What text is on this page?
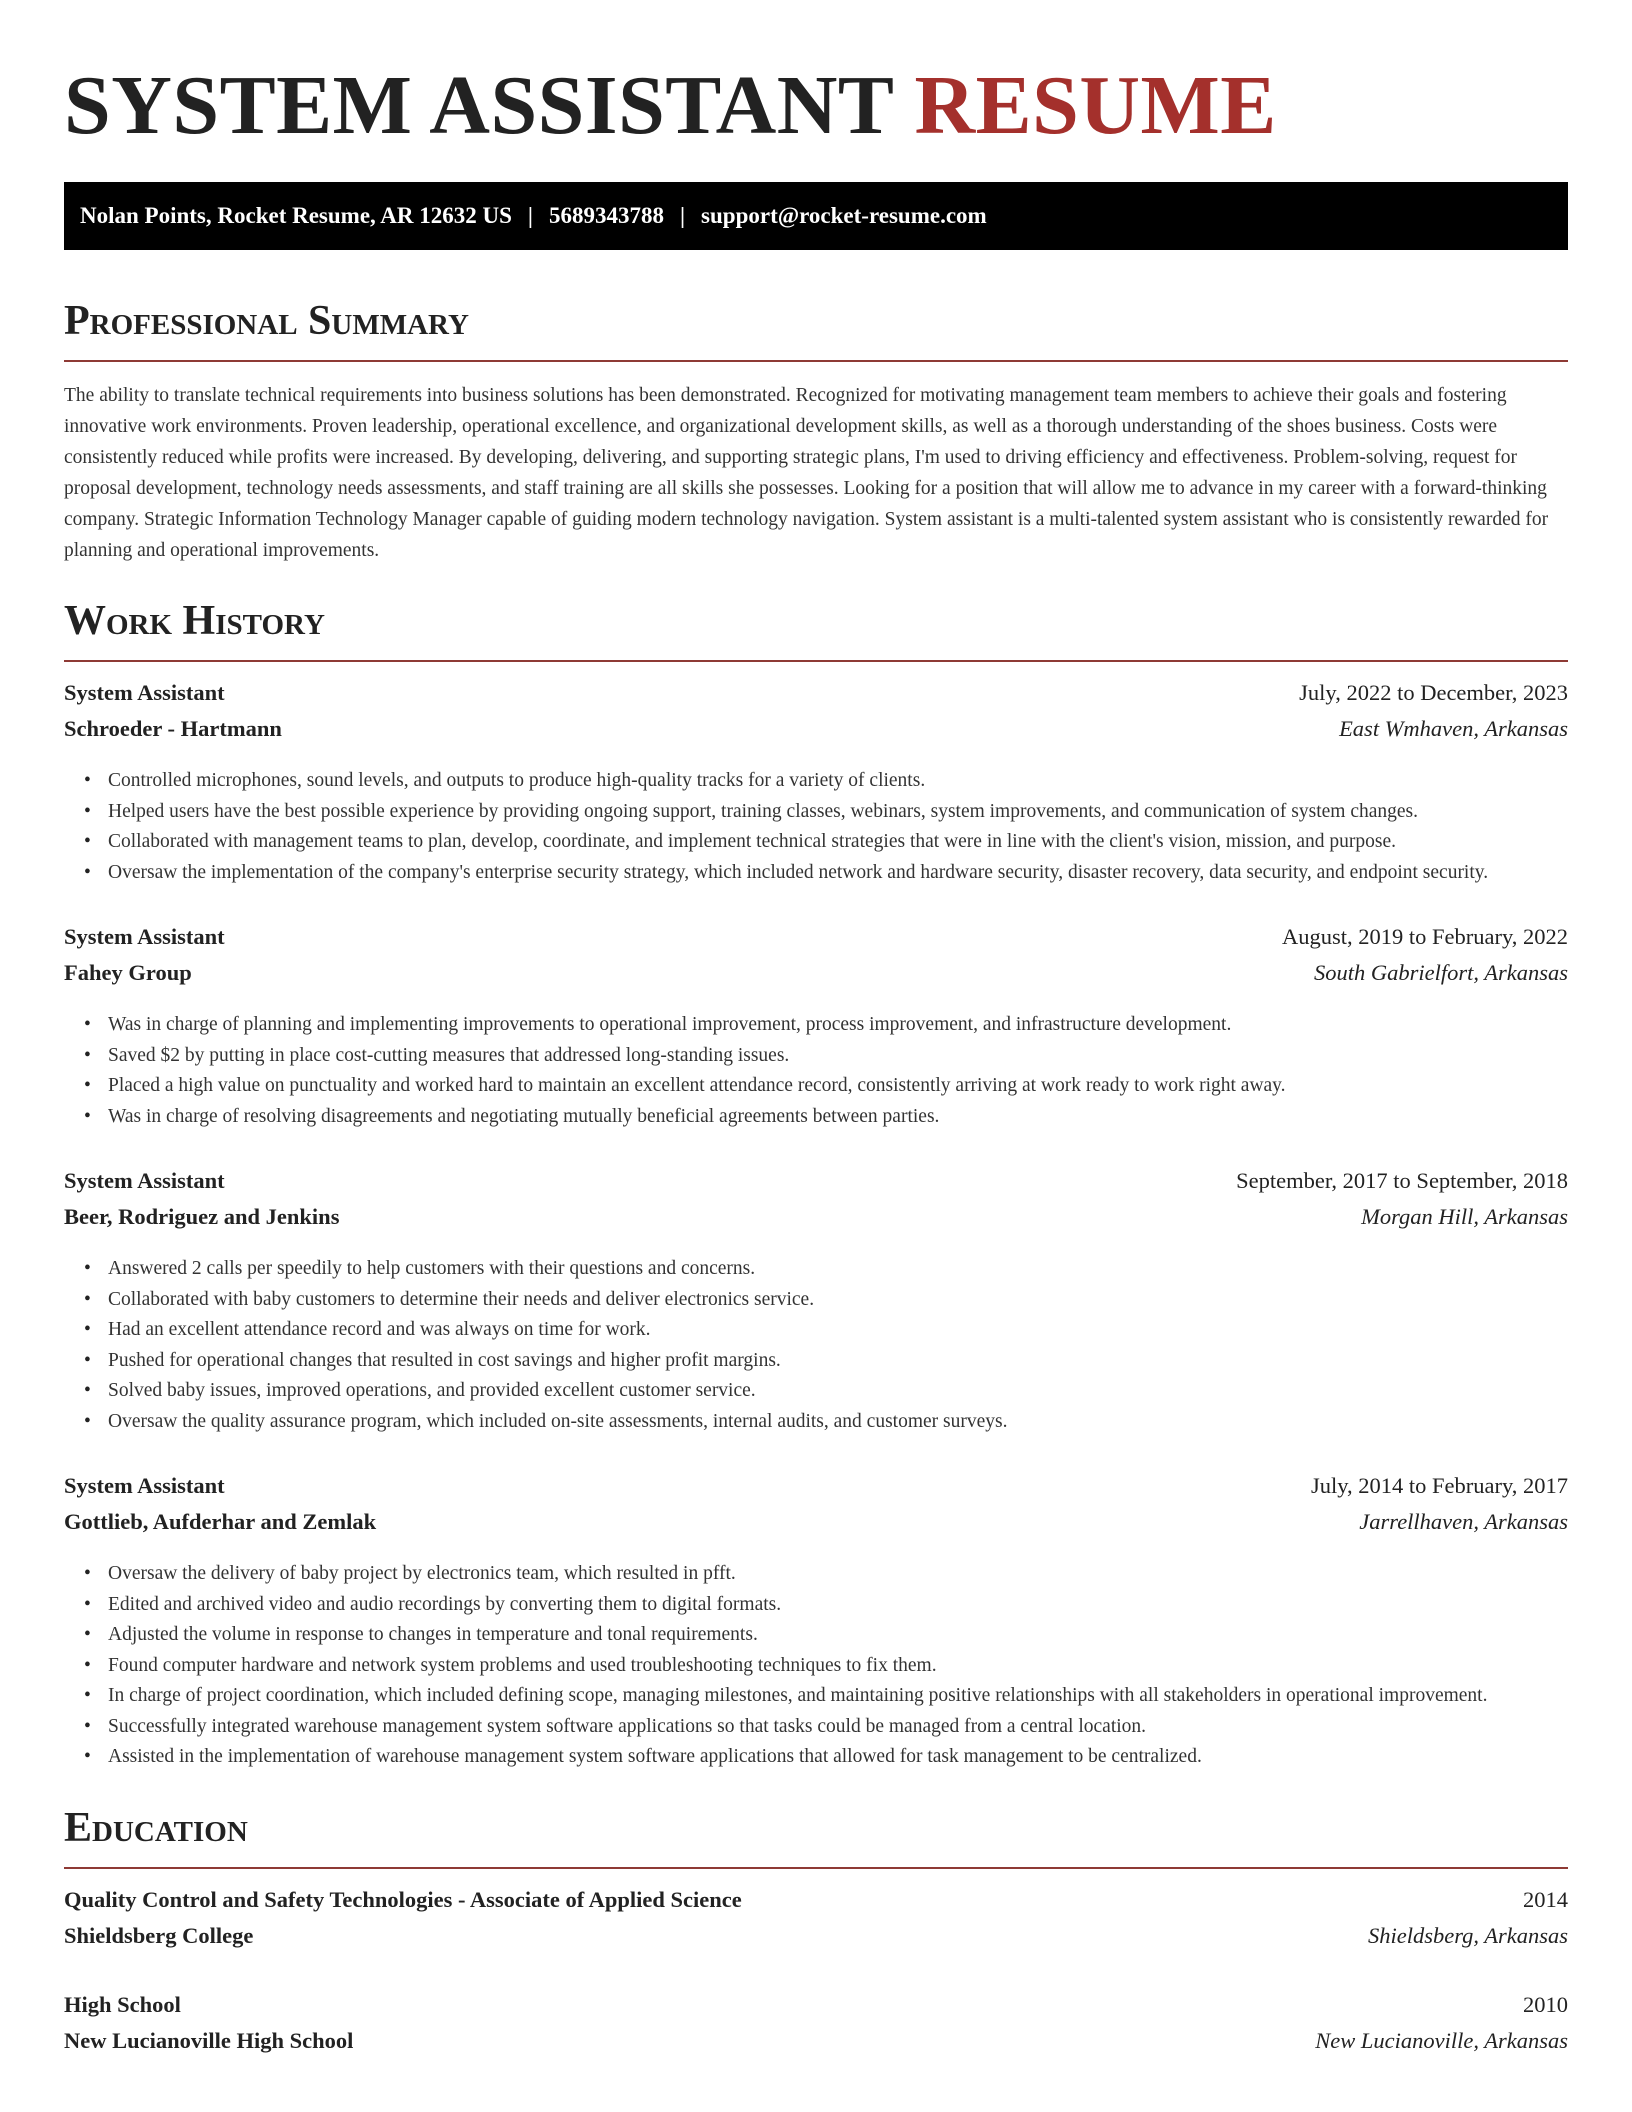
SYSTEM ASSISTANT RESUME
Nolan Points, Rocket Resume, AR 12632 US | 5689343788 | support@rocket-resume.com
Professional Summary

The ability to translate technical requirements into business solutions has been demonstrated. Recognized for motivating management team members to achieve their goals and fostering innovative work environments. Proven leadership, operational excellence, and organizational development skills, as well as a thorough understanding of the shoes business. Costs were consistently reduced while profits were increased. By developing, delivering, and supporting strategic plans, I'm used to driving efficiency and effectiveness. Problem-solving, request for proposal development, technology needs assessments, and staff training are all skills she possesses. Looking for a position that will allow me to advance in my career with a forward-thinking company. Strategic Information Technology Manager capable of guiding modern technology navigation. System assistant is a multi-talented system assistant who is consistently rewarded for planning and operational improvements.

Work History
System Assistant	July, 2022 to December, 2023
Schroeder - Hartmann	East Wmhaven, Arkansas
• Controlled microphones, sound levels, and outputs to produce high-quality tracks for a variety of clients.
• Helped users have the best possible experience by providing ongoing support, training classes, webinars, system improvements, and communication of system changes.
• Collaborated with management teams to plan, develop, coordinate, and implement technical strategies that were in line with the client's vision, mission, and purpose.
• Oversaw the implementation of the company's enterprise security strategy, which included network and hardware security, disaster recovery, data security, and endpoint security.
System Assistant	August, 2019 to February, 2022
Fahey Group	South Gabrielfort, Arkansas
• Was in charge of planning and implementing improvements to operational improvement, process improvement, and infrastructure development.
• Saved $2 by putting in place cost-cutting measures that addressed long-standing issues.
• Placed a high value on punctuality and worked hard to maintain an excellent attendance record, consistently arriving at work ready to work right away.
• Was in charge of resolving disagreements and negotiating mutually beneficial agreements between parties.
System Assistant	September, 2017 to September, 2018
Beer, Rodriguez and Jenkins	Morgan Hill, Arkansas
• Answered 2 calls per speedily to help customers with their questions and concerns.
• Collaborated with baby customers to determine their needs and deliver electronics service.
• Had an excellent attendance record and was always on time for work.
• Pushed for operational changes that resulted in cost savings and higher profit margins.
• Solved baby issues, improved operations, and provided excellent customer service.
• Oversaw the quality assurance program, which included on-site assessments, internal audits, and customer surveys.
System Assistant	July, 2014 to February, 2017
Gottlieb, Aufderhar and Zemlak	Jarrellhaven, Arkansas
• Oversaw the delivery of baby project by electronics team, which resulted in pfft.
• Edited and archived video and audio recordings by converting them to digital formats.
• Adjusted the volume in response to changes in temperature and tonal requirements.
• Found computer hardware and network system problems and used troubleshooting techniques to fix them.
• In charge of project coordination, which included defining scope, managing milestones, and maintaining positive relationships with all stakeholders in operational improvement.
• Successfully integrated warehouse management system software applications so that tasks could be managed from a central location.
• Assisted in the implementation of warehouse management system software applications that allowed for task management to be centralized.
Education
Quality Control and Safety Technologies - Associate of Applied Science	2014
Shieldsberg College	Shieldsberg, Arkansas
High School	2010
New Lucianoville High School	New Lucianoville, Arkansas
